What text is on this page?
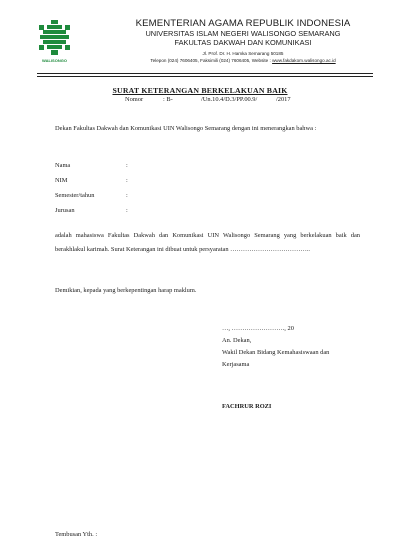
WALISONGO
KEMENTERIAN AGAMA REPUBLIK INDONESIA
UNIVERSITAS ISLAM NEGERI WALISONGO SEMARANG
FAKULTAS DAKWAH DAN KOMUNIKASI
Jl. Prof. Dr. H. Hamka Semarang 50185
Telepon (024) 7606405, Faksimili (024) 7606405, Website : www.fakdakom.walisongo.ac.id
SURAT KETERANGAN BERKELAKUAN BAIK
Nomor	: B-	/Un.10.4/D.3/PP.00.9/	/2017
Dekan Fakultas Dakwah dan Komunikasi UIN Walisongo Semarang dengan ini menerangkan bahwa :
Nama	:
NIM	:
Semester/tahun	:
Jurusan	:
adalah mahasiswa Fakultas Dakwah dan Komunikasi UIN Walisongo Semarang yang berkelakuan baik dan berakhlakul karimah. Surat Keterangan ini dibuat untuk persyaratan ………………………………..
Demikian, kepada yang berkepentingan harap maklum.
…, ……………………., 20
An. Dekan,
Wakil Dekan Bidang Kemahasiswaan dan
Kerjasama
FACHRUR ROZI
Tembusan Yth. :
